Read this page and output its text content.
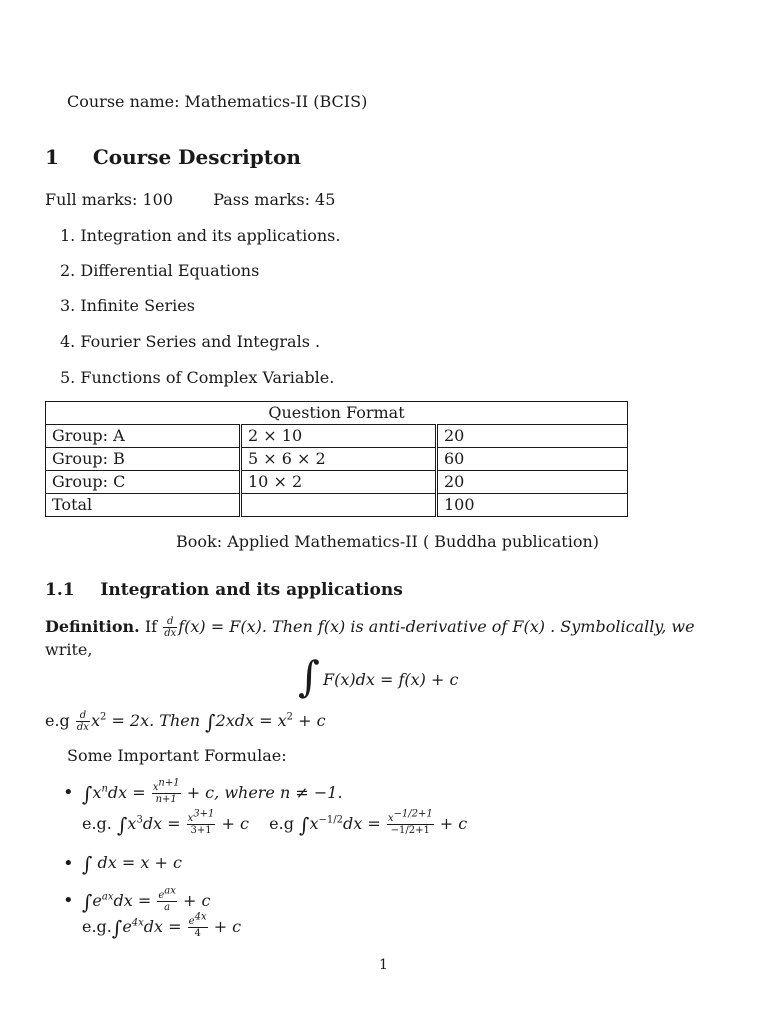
Course name: Mathematics-II (BCIS)
1 Course Descripton
Full marks: 100	Pass marks: 45
1. Integration and its applications.
2. Differential Equations
3. Infinite Series
4. Fourier Series and Integrals .
5. Functions of Complex Variable.
Question Format		
Group: A	2 × 10	20
Group: B	5 × 6 × 2	60
Group: C	10 × 2	20
Total		100
Book: Applied Mathematics-II ( Buddha publication)
1.1 Integration and its applications
Definition. If $\frac{d}{dx} f(x) = F(x)$. Then f(x) is anti-derivative of F(x) . Symbolically, we
write,
∫ F(x)dx = f(x) + c
$e.g \frac{d}{dx} x^2 = 2x$. Then $\int 2xdx = x^2 + c$
Some Important Formulae:
• $\int x^ndx = \frac{x^{n+1}}{n+1} + c$, where n ≠ −1.
e.g. $\int x^3dx = \frac{x^{3+1}}{3+1} + c$ e.g $\int x^{-1/2}dx = \frac{x^{-1/2+1}}{-1/2+1} + c$
• ∫ dx = x + c
• $\int e^{ax}dx = \frac{e^{ax}}{a} + c$
$e.g.\int e^{4x}dx = \frac{e^{4x}}{4} + c$
1
